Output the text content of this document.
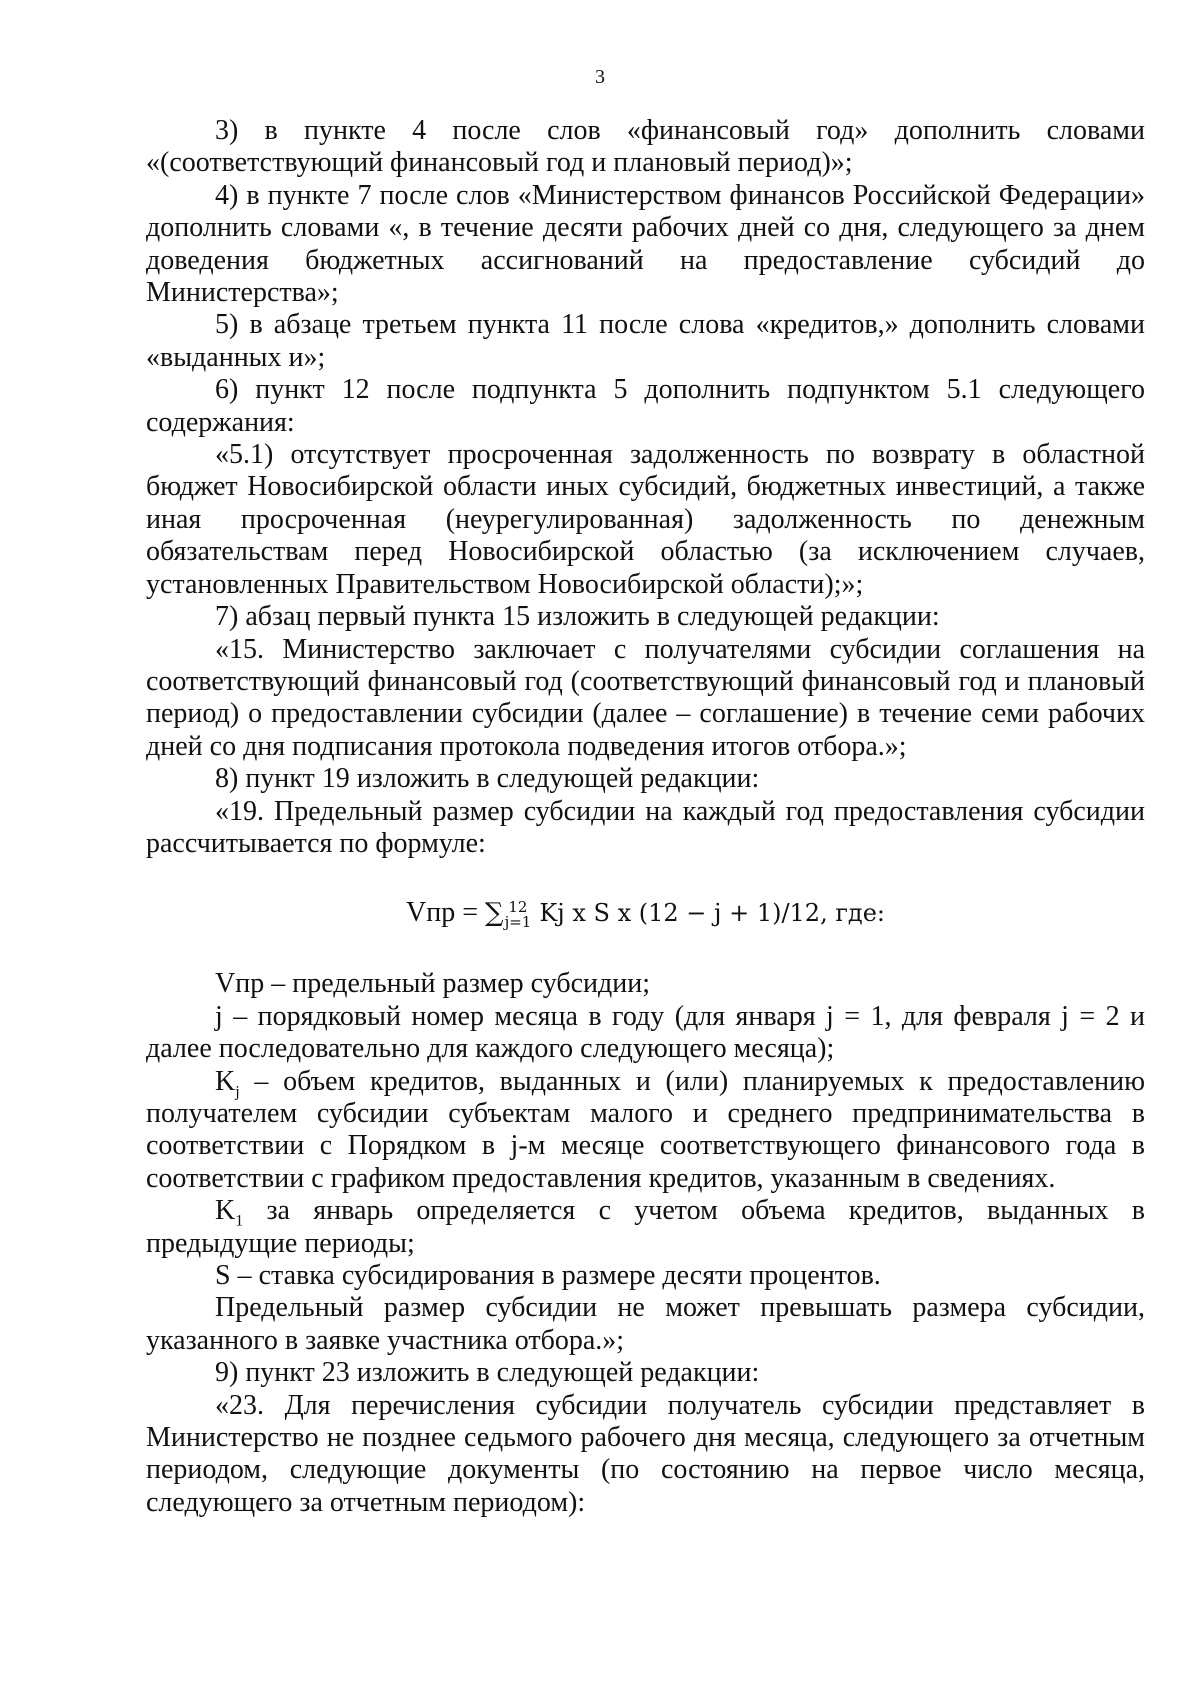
3

3) в пункте 4 после слов «финансовый год» дополнить словами «(соответствующий финансовый год и плановый период)»;

4) в пункте 7 после слов «Министерством финансов Российской Федерации» дополнить словами «, в течение десяти рабочих дней со дня, следующего за днем доведения бюджетных ассигнований на предоставление субсидий до Министерства»;

5) в абзаце третьем пункта 11 после слова «кредитов,» дополнить словами «выданных и»;

6) пункт 12 после подпункта 5 дополнить подпунктом 5.1 следующего содержания:

«5.1) отсутствует просроченная задолженность по возврату в областной бюджет Новосибирской области иных субсидий, бюджетных инвестиций, а также иная просроченная (неурегулированная) задолженность по денежным обязательствам перед Новосибирской областью (за исключением случаев, установленных Правительством Новосибирской области);»;

7) абзац первый пункта 15 изложить в следующей редакции:

«15. Министерство заключает с получателями субсидии соглашения на соответствующий финансовый год (соответствующий финансовый год и плановый период) о предоставлении субсидии (далее – соглашение) в течение семи рабочих дней со дня подписания протокола подведения итогов отбора.»;

8) пункт 19 изложить в следующей редакции:

«19. Предельный размер субсидии на каждый год предоставления субсидии рассчитывается по формуле:

Vпр = ∑ 12
j=1 Kj x S x (12 − j + 1)/12, где:

Vпр – предельный размер субсидии;

j – порядковый номер месяца в году (для января j = 1, для февраля j = 2 и далее последовательно для каждого следующего месяца);

$K_j$ – объем кредитов, выданных и (или) планируемых к предоставлению получателем субсидии субъектам малого и среднего предпринимательства в соответствии с Порядком в j-м месяце соответствующего финансового года в соответствии с графиком предоставления кредитов, указанным в сведениях.

$K_1$ за январь определяется с учетом объема кредитов, выданных в предыдущие периоды;

S – ставка субсидирования в размере десяти процентов.

Предельный размер субсидии не может превышать размера субсидии, указанного в заявке участника отбора.»;

9) пункт 23 изложить в следующей редакции:

«23. Для перечисления субсидии получатель субсидии представляет в Министерство не позднее седьмого рабочего дня месяца, следующего за отчетным периодом, следующие документы (по состоянию на первое число месяца, следующего за отчетным периодом):
